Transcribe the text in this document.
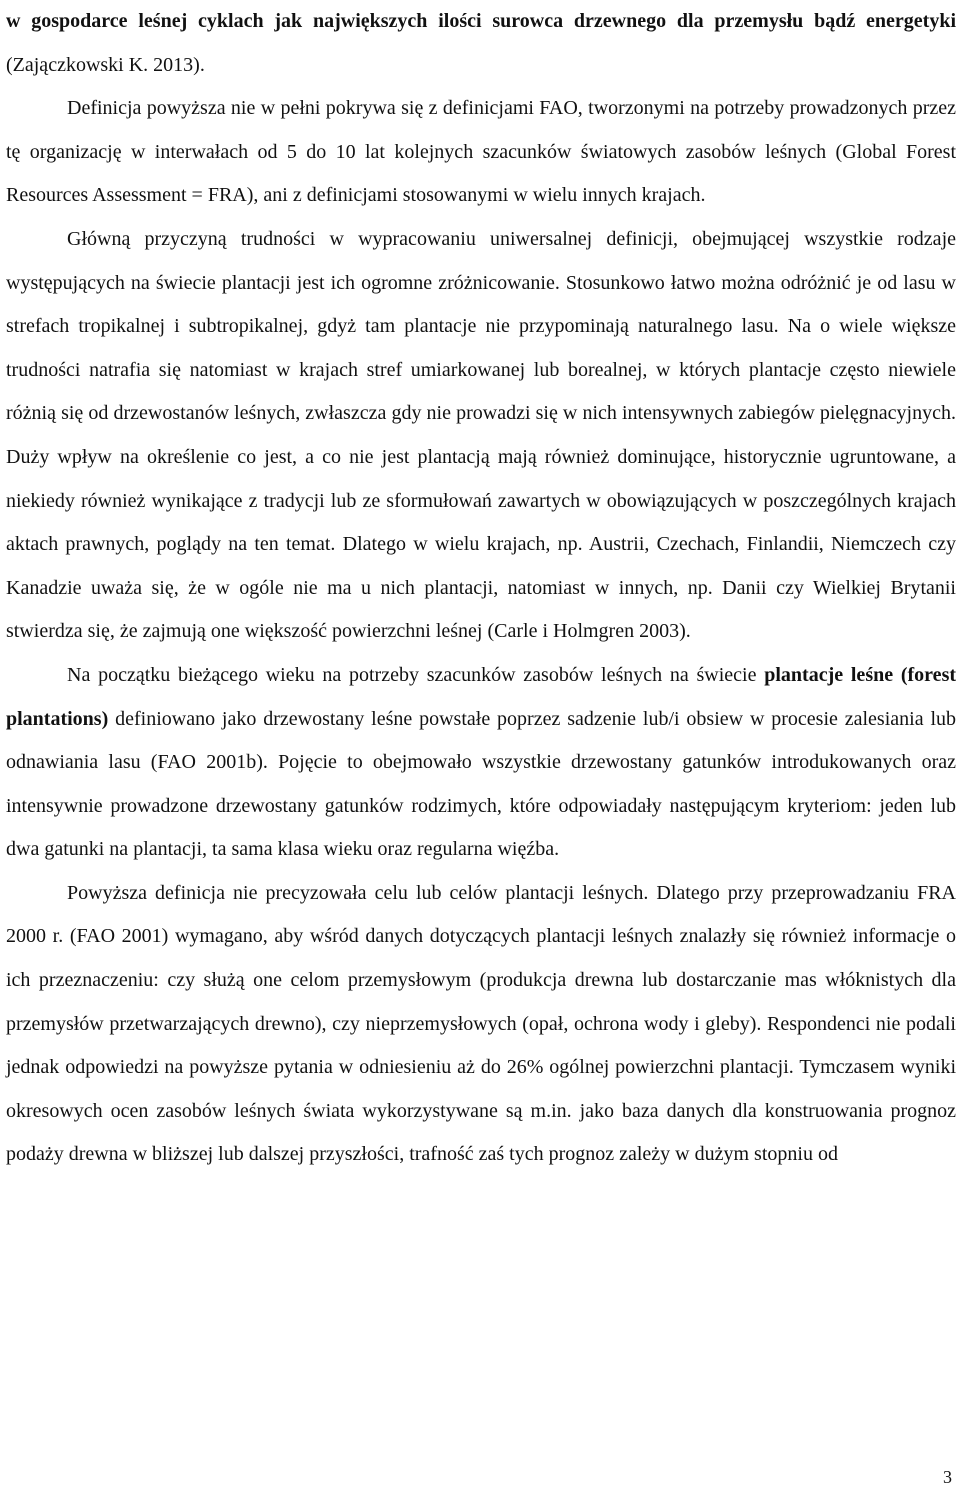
w gospodarce leśnej cyklach jak największych ilości surowca drzewnego dla przemysłu bądź energetyki (Zajączkowski K. 2013).

Definicja powyższa nie w pełni pokrywa się z definicjami FAO, tworzonymi na potrzeby prowadzonych przez tę organizację w interwałach od 5 do 10 lat kolejnych szacunków światowych zasobów leśnych (Global Forest Resources Assessment = FRA), ani z definicjami stosowanymi w wielu innych krajach.

Główną przyczyną trudności w wypracowaniu uniwersalnej definicji, obejmującej wszystkie rodzaje występujących na świecie plantacji jest ich ogromne zróżnicowanie. Stosunkowo łatwo można odróżnić je od lasu w strefach tropikalnej i subtropikalnej, gdyż tam plantacje nie przypominają naturalnego lasu. Na o wiele większe trudności natrafia się natomiast w krajach stref umiarkowanej lub borealnej, w których plantacje często niewiele różnią się od drzewostanów leśnych, zwłaszcza gdy nie prowadzi się w nich intensywnych zabiegów pielęgnacyjnych. Duży wpływ na określenie co jest, a co nie jest plantacją mają również dominujące, historycznie ugruntowane, a niekiedy również wynikające z tradycji lub ze sformułowań zawartych w obowiązujących w poszczególnych krajach aktach prawnych, poglądy na ten temat. Dlatego w wielu krajach, np. Austrii, Czechach, Finlandii, Niemczech czy Kanadzie uważa się, że w ogóle nie ma u nich plantacji, natomiast w innych, np. Danii czy Wielkiej Brytanii stwierdza się, że zajmują one większość powierzchni leśnej (Carle i Holmgren 2003).

Na początku bieżącego wieku na potrzeby szacunków zasobów leśnych na świecie plantacje leśne (forest plantations) definiowano jako drzewostany leśne powstałe poprzez sadzenie lub/i obsiew w procesie zalesiania lub odnawiania lasu (FAO 2001b). Pojęcie to obejmowało wszystkie drzewostany gatunków introdukowanych oraz intensywnie prowadzone drzewostany gatunków rodzimych, które odpowiadały następującym kryteriom: jeden lub dwa gatunki na plantacji, ta sama klasa wieku oraz regularna więźba.

Powyższa definicja nie precyzowała celu lub celów plantacji leśnych. Dlatego przy przeprowadzaniu FRA 2000 r. (FAO 2001) wymagano, aby wśród danych dotyczących plantacji leśnych znalazły się również informacje o ich przeznaczeniu: czy służą one celom przemysłowym (produkcja drewna lub dostarczanie mas włóknistych dla przemysłów przetwarzających drewno), czy nieprzemysłowych (opał, ochrona wody i gleby). Respondenci nie podali jednak odpowiedzi na powyższe pytania w odniesieniu aż do 26% ogólnej powierzchni plantacji. Tymczasem wyniki okresowych ocen zasobów leśnych świata wykorzystywane są m.in. jako baza danych dla konstruowania prognoz podaży drewna w bliższej lub dalszej przyszłości, trafność zaś tych prognoz zależy w dużym stopniu od

3
